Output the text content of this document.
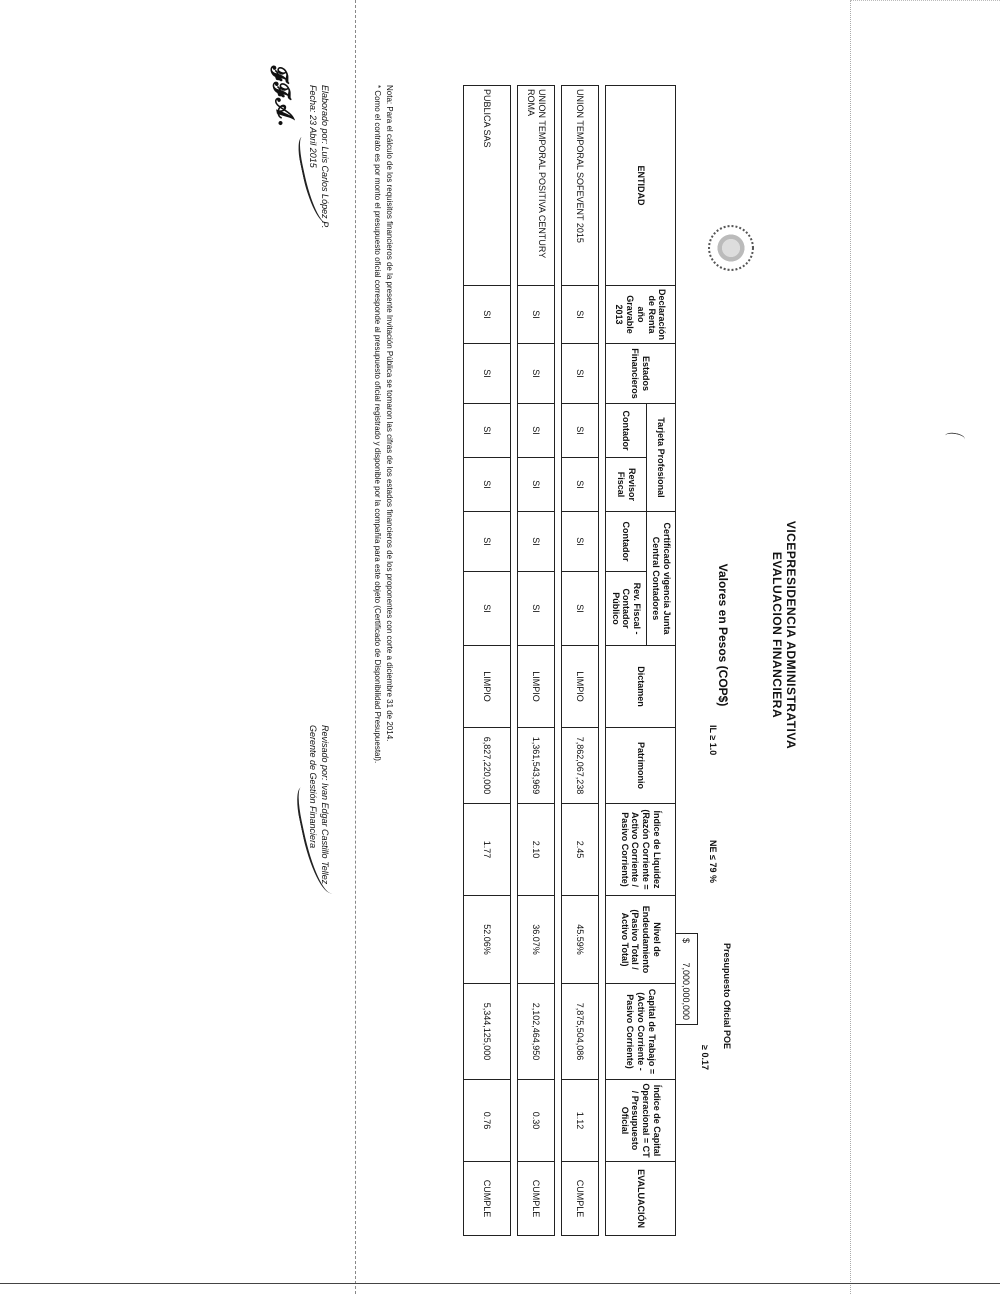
VICEPRESIDENCIA ADMINISTRATIVA
EVALUACION FINANCIERA
Valores en Pesos (COP$)
IL ≥ 1.0
NE ≤ 79 %
Presupuesto Oficial POE
≥ 0.17
$
7,000,000,000
ENTIDAD	Declaración de Renta año Gravable 2013	Estados Financieros	Tarjeta Profesional		Certificado vigencia Junta Central Contadores		Dictamen	Patrimonio	Índice de Liquidez (Razón Corriente = Activo Corriente / Pasivo Corriente)	Nivel de Endeudamiento (Pasivo Total / Activo Total)	Capital de Trabajo = (Activo Corriente - Pasivo Corriente)	Índice de Capital Operacional = CT / Presupuesto Oficial	EVALUACIÓN
			Contador	Revisor Fiscal	Contador	Rev. Fiscal - Contador Público							

UNION TEMPORAL SOFEVENT 2015	SI	SI	SI	SI	SI	SI	LIMPIO	7,862,067,238	2.45	45.59%	7,875,504,086	1.12	CUMPLE

UNION TEMPORAL POSITIVA CENTURY ROMA	SI	SI	SI	SI	SI	SI	LIMPIO	1,361,543,969	2.10	36.07%	2,102,464,950	0.30	CUMPLE

PUBLICA SAS	SI	SI	SI	SI	SI	SI	LIMPIO	6,827,220,000	1.77	52.06%	5,344,125,000	0.76	CUMPLE
Nota: Para el cálculo de los requisitos financieros de la presente Invitación Pública se tomaron las cifras de los estados financieros de los proponentes con corte a diciembre 31 de 2014.
* Como el contrato es por monto el presupuesto oficial corresponde al presupuesto oficial registrado y disponible por la compañía para este objeto (Certificado de Disponibilidad Presupuestal).
Elaborado por: Luis Carlos López P.
Fecha: 23 Abril 2015
𝓕𝓕𝓐.
Revisado por: Ivan Edgar Castillo Tellez
Gerente de Gestión Financiera
